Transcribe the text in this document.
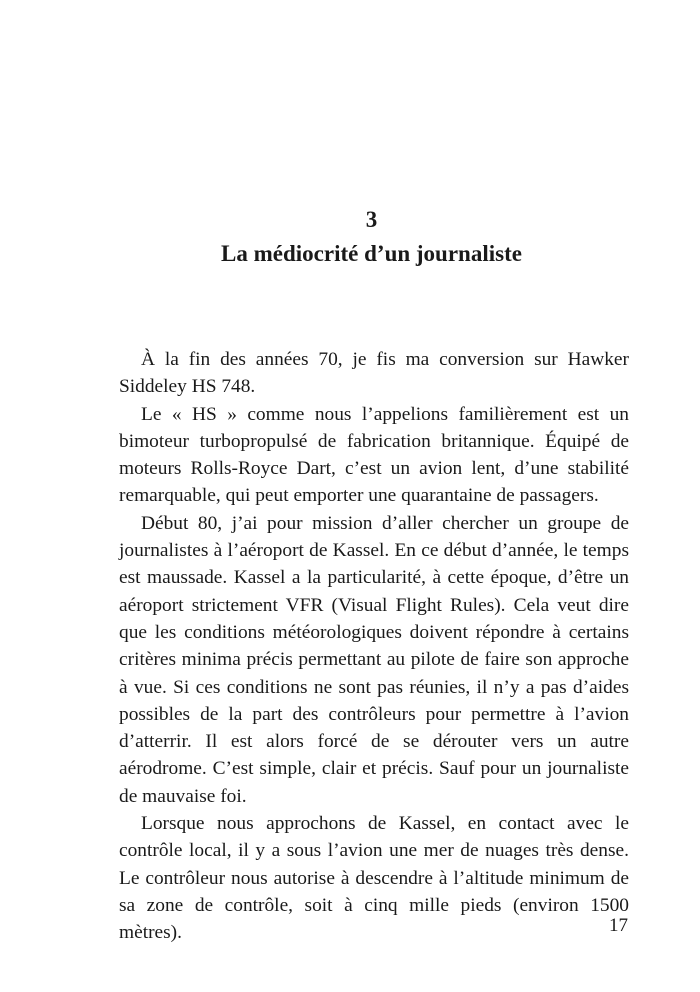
3
La médiocrité d’un journaliste

À la fin des années 70, je fis ma conversion sur Hawker Siddeley HS 748.

Le « HS » comme nous l’appelions familièrement est un bimoteur turbopropulsé de fabrication britannique. Équipé de moteurs Rolls-Royce Dart, c’est un avion lent, d’une stabilité remarquable, qui peut emporter une quarantaine de passagers.

Début 80, j’ai pour mission d’aller chercher un groupe de journalistes à l’aéroport de Kassel. En ce début d’année, le temps est maussade. Kassel a la particularité, à cette époque, d’être un aéroport strictement VFR (Visual Flight Rules). Cela veut dire que les conditions météorologiques doivent répondre à certains critères minima précis permettant au pilote de faire son approche à vue. Si ces conditions ne sont pas réunies, il n’y a pas d’aides possibles de la part des contrôleurs pour permettre à l’avion d’atterrir. Il est alors forcé de se dérouter vers un autre aérodrome. C’est simple, clair et précis. Sauf pour un journaliste de mauvaise foi.

Lorsque nous approchons de Kassel, en contact avec le contrôle local, il y a sous l’avion une mer de nuages très dense. Le contrôleur nous autorise à descendre à l’altitude minimum de sa zone de contrôle, soit à cinq mille pieds (environ 1500 mètres).	17
